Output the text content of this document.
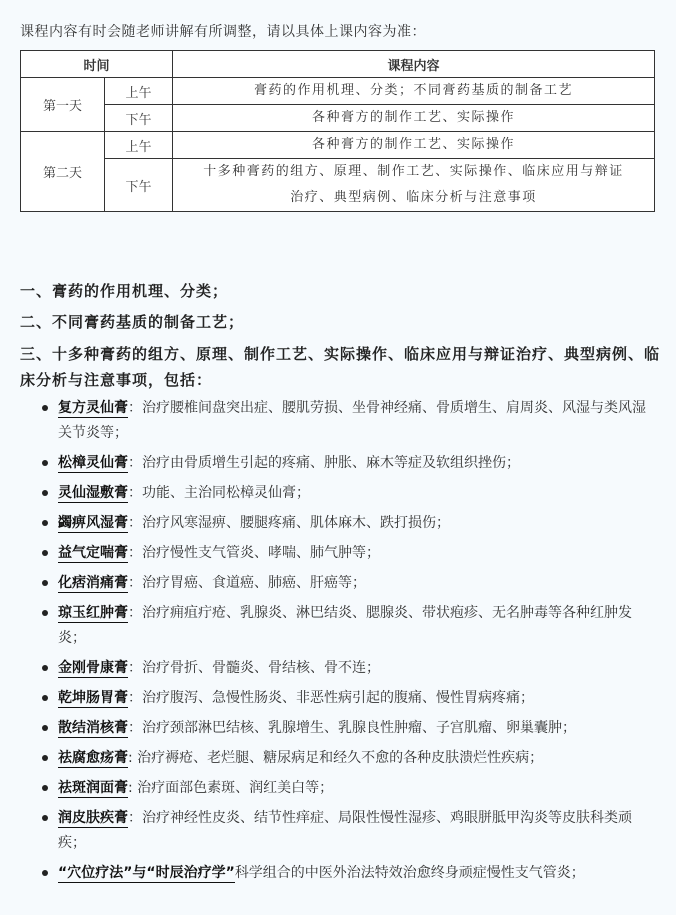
课程内容有时会随老师讲解有所调整，请以具体上课内容为准：
时间		课程内容
第一天	上午	膏药的作用机理、分类；不同膏药基质的制备工艺
	下午	各种膏方的制作工艺、实际操作
第二天	上午	各种膏方的制作工艺、实际操作
	下午	十多种膏药的组方、原理、制作工艺、实际操作、临床应用与辩证
治疗、典型病例、临床分析与注意事项
一、膏药的作用机理、分类；
二、不同膏药基质的制备工艺；
三、十多种膏药的组方、原理、制作工艺、实际操作、临床应用与辩证治疗、典型病例、临床分析与注意事项，包括：
复方灵仙膏：治疗腰椎间盘突出症、腰肌劳损、坐骨神经痛、骨质增生、肩周炎、风湿与类风湿关节炎等；
松樟灵仙膏：治疗由骨质增生引起的疼痛、肿胀、麻木等症及软组织挫伤；
灵仙湿敷膏：功能、主治同松樟灵仙膏；
蠲痹风湿膏：治疗风寒湿痹、腰腿疼痛、肌体麻木、跌打损伤；
益气定喘膏：治疗慢性支气管炎、哮喘、肺气肿等；
化痞消痛膏：治疗胃癌、食道癌、肺癌、肝癌等；
琼玉红肿膏：治疗痈疽疔疮、乳腺炎、淋巴结炎、腮腺炎、带状疱疹、无名肿毒等各种红肿发炎；
金刚骨康膏：治疗骨折、骨髓炎、骨结核、骨不连；
乾坤肠胃膏：治疗腹泻、急慢性肠炎、非恶性病引起的腹痛、慢性胃病疼痛；
散结消核膏：治疗颈部淋巴结核、乳腺增生、乳腺良性肿瘤、子宫肌瘤、卵巢囊肿；
祛腐愈疡膏: 治疗褥疮、老烂腿、糖尿病足和经久不愈的各种皮肤溃烂性疾病；
祛斑润面膏: 治疗面部色素斑、润红美白等；
润皮肤疾膏：治疗神经性皮炎、结节性痒症、局限性慢性湿疹、鸡眼胼胝甲沟炎等皮肤科类顽疾；
“穴位疗法”与“时辰治疗学”科学组合的中医外治法特效治愈终身顽症慢性支气管炎；
